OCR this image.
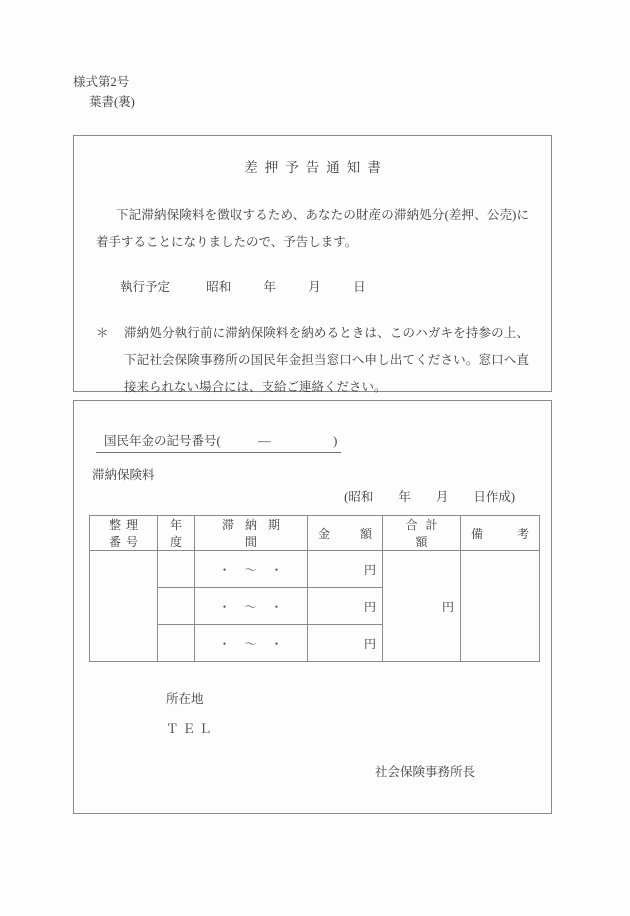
様式第2号
葉書(裏)
差押予告通知書
下記滞納保険料を徴収するため、あなたの財産の滞納処分(差押、公売)に着手することになりましたので、予告します。
執行予定	昭和	年	月	日
＊ 滞納処分執行前に滞納保険料を納めるときは、このハガキを持参の上、下記社会保険事務所の国民年金担当窓口へ申し出てください。窓口へ直接来られない場合には、支給ご連絡ください。
国民年金の記号番号(　　　—　　　　　)
滞納保険料
(昭和　　年　　月　　日作成)
整理番号	年度	滞納期間	金 額	合計額	備 考

		・　〜　・	円	円	
		・　〜　・	円		
		・　〜　・	円		
所在地
ＴＥＬ
社会保険事務所長
